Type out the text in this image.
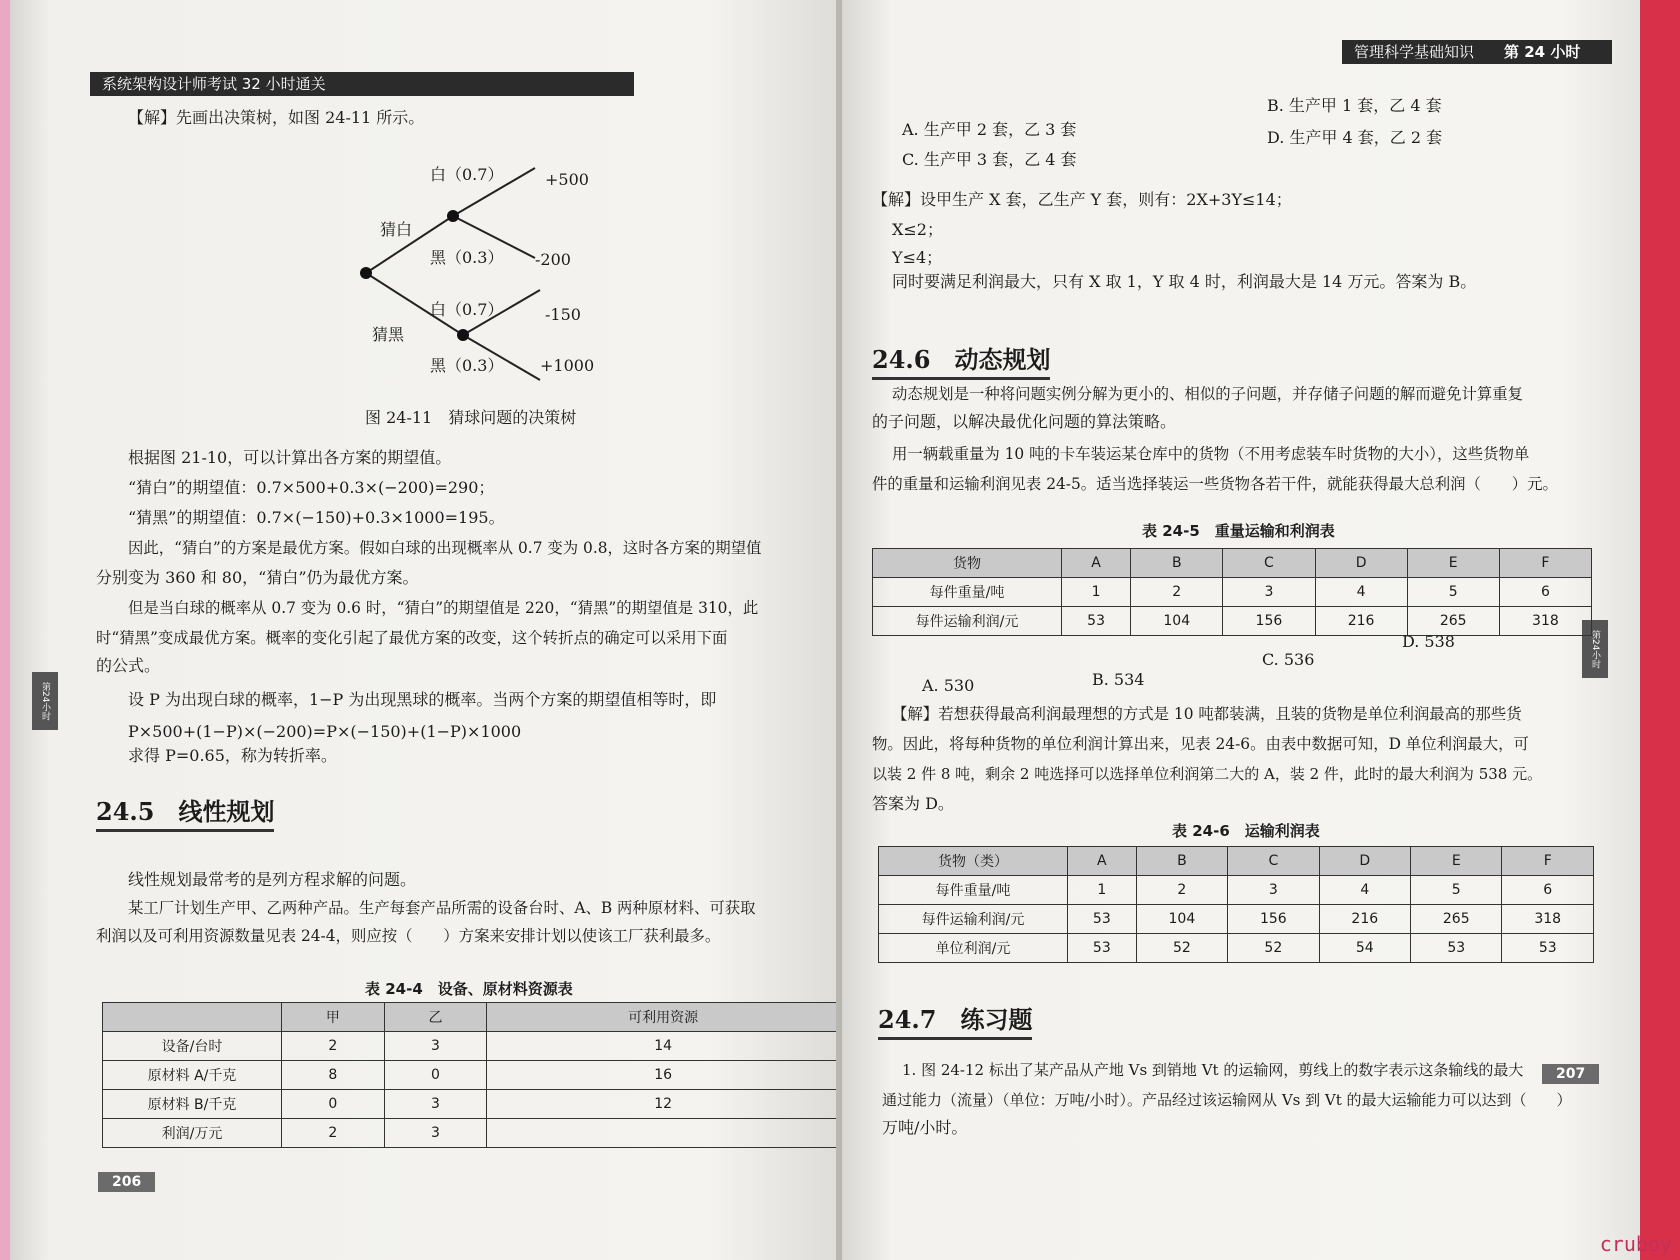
系统架构设计师考试 32 小时通关
第24小时
【解】先画出决策树，如图 24-11 所示。
猜白
猜黑
白（0.7）	+500
黑（0.3） -200
白（0.7）	-150
黑（0.3） +1000
图 24-11　猜球问题的决策树
根据图 21-10，可以计算出各方案的期望值。
“猜白”的期望值：0.7×500+0.3×(−200)=290；
“猜黑”的期望值：0.7×(−150)+0.3×1000=195。
因此，“猜白”的方案是最优方案。假如白球的出现概率从 0.7 变为 0.8，这时各方案的期望值
分别变为 360 和 80，“猜白”仍为最优方案。
但是当白球的概率从 0.7 变为 0.6 时，“猜白”的期望值是 220，“猜黑”的期望值是 310，此
时“猜黑”变成最优方案。概率的变化引起了最优方案的改变，这个转折点的确定可以采用下面
的公式。
设 P 为出现白球的概率，1−P 为出现黑球的概率。当两个方案的期望值相等时，即
P×500+(1−P)×(−200)=P×(−150)+(1−P)×1000
求得 P=0.65，称为转折率。
24.5　线性规划
线性规划最常考的是列方程求解的问题。
某工厂计划生产甲、乙两种产品。生产每套产品所需的设备台时、A、B 两种原材料、可获取
利润以及可利用资源数量见表 24-4，则应按（　　）方案来安排计划以使该工厂获利最多。
表 24-4　设备、原材料资源表
	甲	乙	可利用资源
设备/台时	2	3	14
原材料 A/千克	8	0	16
原材料 B/千克	0	3	12
利润/万元	2	3	
206
管理科学基础知识	第 24 小时
第24小时
B. 生产甲 1 套，乙 4 套
A. 生产甲 2 套，乙 3 套	D. 生产甲 4 套，乙 2 套
C. 生产甲 3 套，乙 4 套
【解】设甲生产 X 套，乙生产 Y 套，则有：2X+3Y≤14；
X≤2；
Y≤4；
同时要满足利润最大，只有 X 取 1，Y 取 4 时，利润最大是 14 万元。答案为 B。
24.6　动态规划
动态规划是一种将问题实例分解为更小的、相似的子问题，并存储子问题的解而避免计算重复
的子问题，以解决最优化问题的算法策略。
用一辆载重量为 10 吨的卡车装运某仓库中的货物（不用考虑装车时货物的大小），这些货物单
件的重量和运输利润见表 24-5。适当选择装运一些货物各若干件，就能获得最大总利润（　　）元。
表 24-5　重量运输和利润表
货物	A	B	C	D	E	F
每件重量/吨	1	2	3	4	5	6
每件运输利润/元	53	104	156	216	265	318
A. 530	B. 534
C. 536
D. 538
【解】若想获得最高利润最理想的方式是 10 吨都装满，且装的货物是单位利润最高的那些货
物。因此，将每种货物的单位利润计算出来，见表 24-6。由表中数据可知，D 单位利润最大，可
以装 2 件 8 吨，剩余 2 吨选择可以选择单位利润第二大的 A，装 2 件，此时的最大利润为 538 元。
答案为 D。
表 24-6　运输利润表
货物（类）	A	B	C	D	E	F
每件重量/吨	1	2	3	4	5	6
每件运输利润/元	53	104	156	216	265	318
单位利润/元	53	52	52	54	53	53
24.7　练习题
1. 图 24-12 标出了某产品从产地 Vs 到销地 Vt 的运输网，剪线上的数字表示这条输线的最大
通过能力（流量）（单位：万吨/小时）。产品经过该运输网从 Vs 到 Vt 的最大运输能力可以达到（　　）
万吨/小时。
207
cruboy
